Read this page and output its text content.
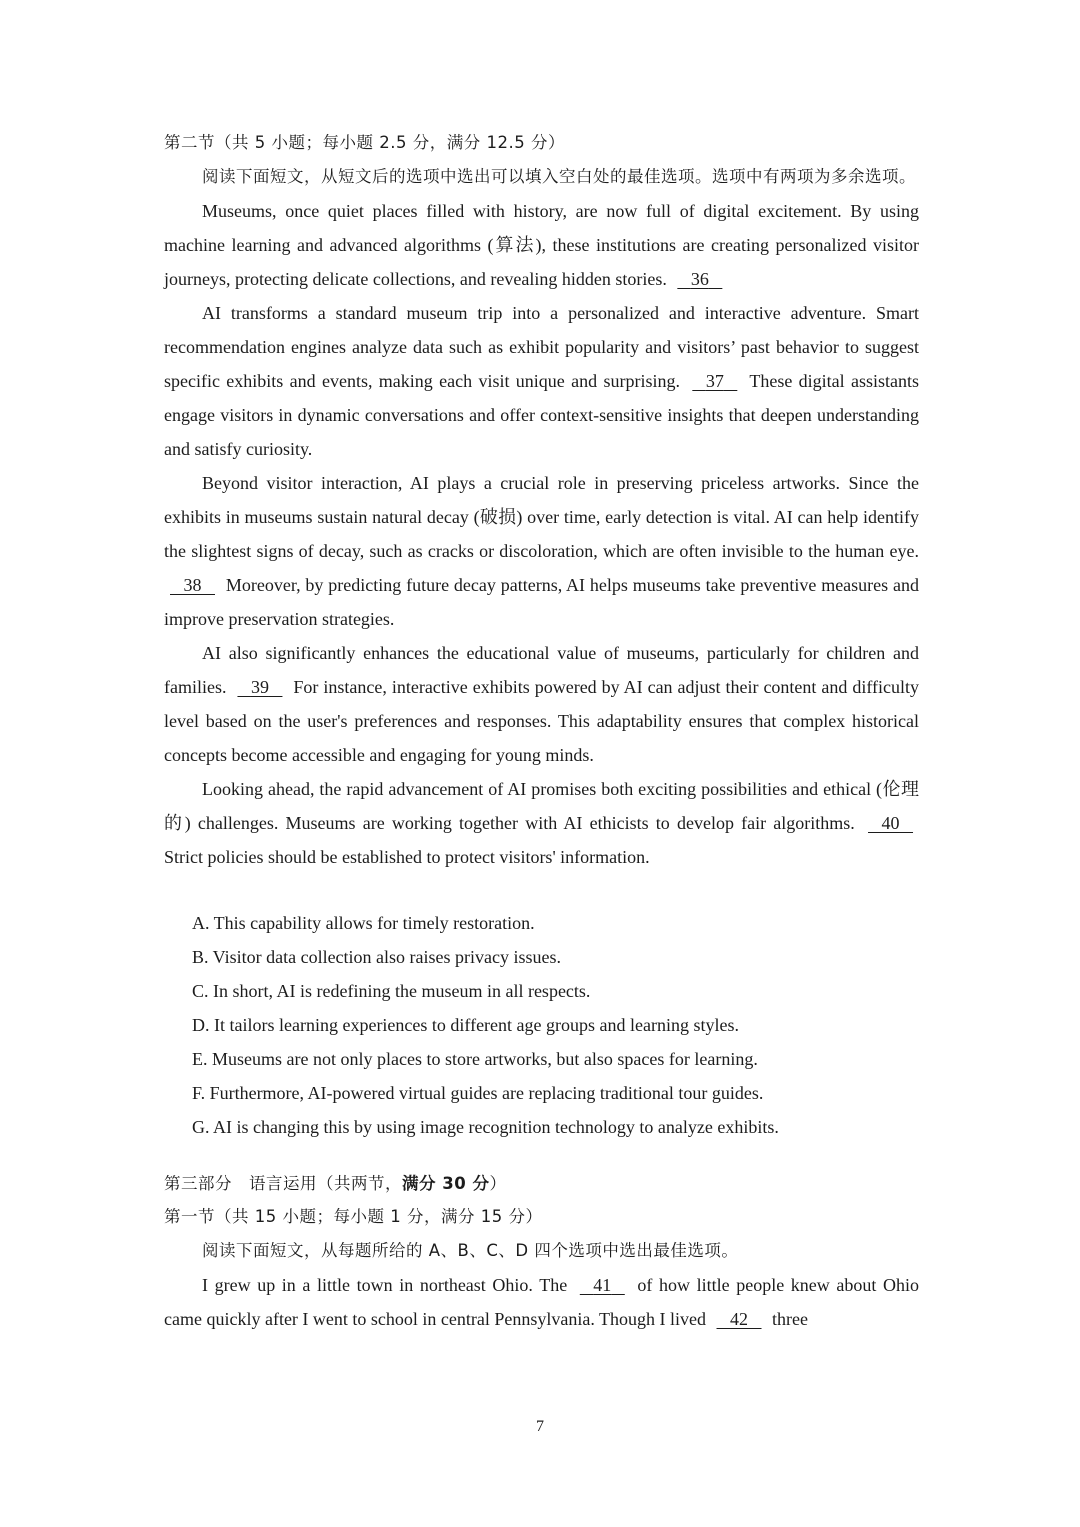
第二节（共 5 小题；每小题 2.5 分，满分 12.5 分）

阅读下面短文，从短文后的选项中选出可以填入空白处的最佳选项。选项中有两项为多余选项。

Museums, once quiet places filled with history, are now full of digital excitement. By using machine learning and advanced algorithms (算法), these institutions are creating personalized visitor journeys, protecting delicate collections, and revealing hidden stories. 36

AI transforms a standard museum trip into a personalized and interactive adventure. Smart recommendation engines analyze data such as exhibit popularity and visitors’ past behavior to suggest specific exhibits and events, making each visit unique and surprising. 37 These digital assistants engage visitors in dynamic conversations and offer context-sensitive insights that deepen understanding and satisfy curiosity.

Beyond visitor interaction, AI plays a crucial role in preserving priceless artworks. Since the exhibits in museums sustain natural decay (破损) over time, early detection is vital. AI can help identify the slightest signs of decay, such as cracks or discoloration, which are often invisible to the human eye. 38 Moreover, by predicting future decay patterns, AI helps museums take preventive measures and improve preservation strategies.

AI also significantly enhances the educational value of museums, particularly for children and families. 39 For instance, interactive exhibits powered by AI can adjust their content and difficulty level based on the user's preferences and responses. This adaptability ensures that complex historical concepts become accessible and engaging for young minds.

Looking ahead, the rapid advancement of AI promises both exciting possibilities and ethical (伦理的) challenges. Museums are working together with AI ethicists to develop fair algorithms. 40 Strict policies should be established to protect visitors' information.

A. This capability allows for timely restoration.
B. Visitor data collection also raises privacy issues.
C. In short, AI is redefining the museum in all respects.
D. It tailors learning experiences to different age groups and learning styles.
E. Museums are not only places to store artworks, but also spaces for learning.
F. Furthermore, AI-powered virtual guides are replacing traditional tour guides.
G. AI is changing this by using image recognition technology to analyze exhibits.
第三部分　语言运用（共两节，满分 30 分）
第一节（共 15 小题；每小题 1 分，满分 15 分）

阅读下面短文，从每题所给的 A、B、C、D 四个选项中选出最佳选项。

I grew up in a little town in northeast Ohio. The 41 of how little people knew about Ohio came quickly after I went to school in central Pennsylvania. Though I lived 42 three

7
